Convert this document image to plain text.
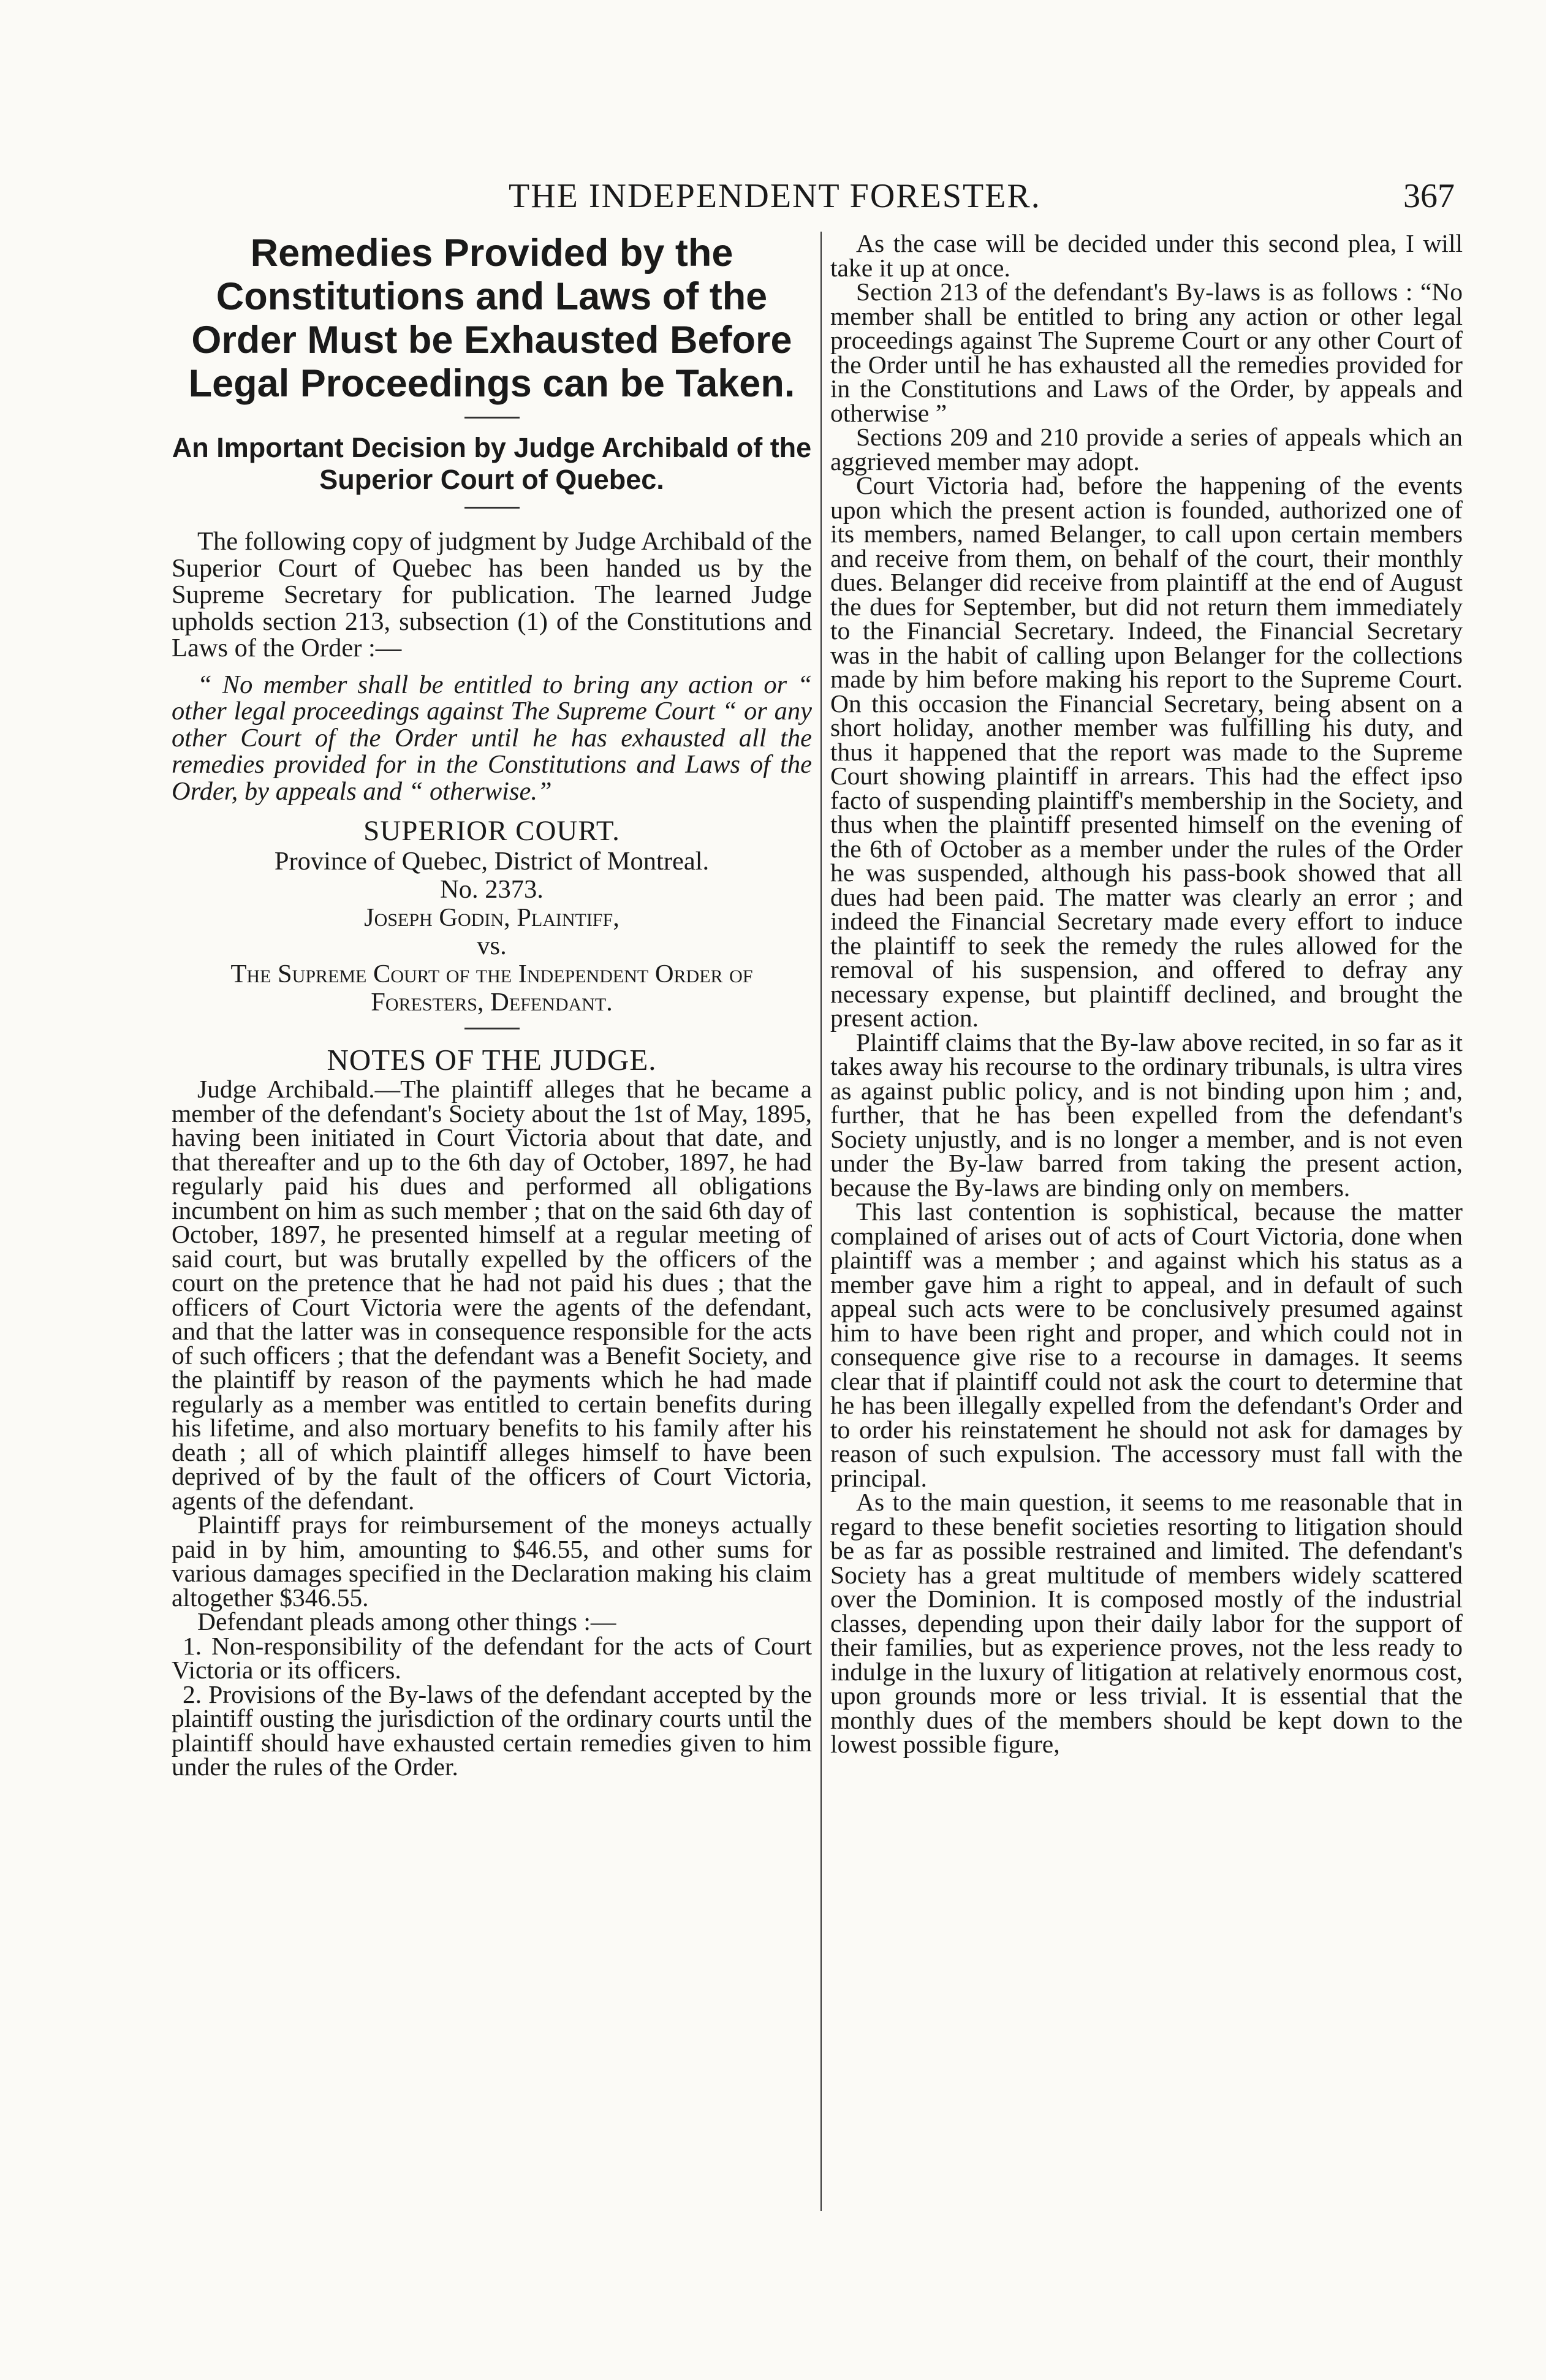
THE INDEPENDENT FORESTER.	367
Remedies Provided by the Constitutions and Laws of the Order Must be Exhausted Before Legal Proceedings can be Taken.
An Important Decision by Judge Archibald of the Superior Court of Quebec.

The following copy of judgment by Judge Archibald of the Superior Court of Quebec has been handed us by the Supreme Secretary for publication. The learned Judge upholds section 213, subsection (1) of the Constitutions and Laws of the Order :—

“ No member shall be entitled to bring any action or “ other legal proceedings against The Supreme Court “ or any other Court of the Order until he has exhausted all the remedies provided for in the Constitutions and Laws of the Order, by appeals and “ otherwise.”

SUPERIOR COURT.

Province of Quebec, District of Montreal.

No. 2373.

Joseph Godin, Plaintiff,

vs.

The Supreme Court of the Independent Order of Foresters, Defendant.

NOTES OF THE JUDGE.

Judge Archibald.—The plaintiff alleges that he became a member of the defendant's Society about the 1st of May, 1895, having been initiated in Court Victoria about that date, and that thereafter and up to the 6th day of October, 1897, he had regularly paid his dues and performed all obligations incumbent on him as such member ; that on the said 6th day of October, 1897, he presented himself at a regular meeting of said court, but was brutally expelled by the officers of the court on the pretence that he had not paid his dues ; that the officers of Court Victoria were the agents of the defendant, and that the latter was in consequence responsible for the acts of such officers ; that the defendant was a Benefit Society, and the plaintiff by reason of the payments which he had made regularly as a member was entitled to certain benefits during his lifetime, and also mortuary benefits to his family after his death ; all of which plaintiff alleges himself to have been deprived of by the fault of the officers of Court Victoria, agents of the defendant.

Plaintiff prays for reimbursement of the moneys actually paid in by him, amounting to $46.55, and other sums for various damages specified in the Declaration making his claim altogether $346.55.

Defendant pleads among other things :—

1. Non-responsibility of the defendant for the acts of Court Victoria or its officers.

2. Provisions of the By-laws of the defendant accepted by the plaintiff ousting the jurisdiction of the ordinary courts until the plaintiff should have exhausted certain remedies given to him under the rules of the Order.

As the case will be decided under this second plea, I will take it up at once.

Section 213 of the defendant's By-laws is as follows : “No member shall be entitled to bring any action or other legal proceedings against The Supreme Court or any other Court of the Order until he has exhausted all the remedies provided for in the Constitutions and Laws of the Order, by appeals and otherwise ”

Sections 209 and 210 provide a series of appeals which an aggrieved member may adopt.

Court Victoria had, before the happening of the events upon which the present action is founded, authorized one of its members, named Belanger, to call upon certain members and receive from them, on behalf of the court, their monthly dues. Belanger did receive from plaintiff at the end of August the dues for September, but did not return them immediately to the Financial Secretary. Indeed, the Financial Secretary was in the habit of calling upon Belanger for the collections made by him before making his report to the Supreme Court. On this occasion the Financial Secretary, being absent on a short holiday, another member was fulfilling his duty, and thus it happened that the report was made to the Supreme Court showing plaintiff in arrears. This had the effect ipso facto of suspending plaintiff's membership in the Society, and thus when the plaintiff presented himself on the evening of the 6th of October as a member under the rules of the Order he was suspended, although his pass-book showed that all dues had been paid. The matter was clearly an error ; and indeed the Financial Secretary made every effort to induce the plaintiff to seek the remedy the rules allowed for the removal of his suspension, and offered to defray any necessary expense, but plaintiff declined, and brought the present action.

Plaintiff claims that the By-law above recited, in so far as it takes away his recourse to the ordinary tribunals, is ultra vires as against public policy, and is not binding upon him ; and, further, that he has been expelled from the defendant's Society unjustly, and is no longer a member, and is not even under the By-law barred from taking the present action, because the By-laws are binding only on members.

This last contention is sophistical, because the matter complained of arises out of acts of Court Victoria, done when plaintiff was a member ; and against which his status as a member gave him a right to appeal, and in default of such appeal such acts were to be conclusively presumed against him to have been right and proper, and which could not in consequence give rise to a recourse in damages. It seems clear that if plaintiff could not ask the court to determine that he has been illegally expelled from the defendant's Order and to order his reinstatement he should not ask for damages by reason of such expulsion. The accessory must fall with the principal.

As to the main question, it seems to me reasonable that in regard to these benefit societies resorting to litigation should be as far as possible restrained and limited. The defendant's Society has a great multitude of members widely scattered over the Dominion. It is composed mostly of the industrial classes, depending upon their daily labor for the support of their families, but as experience proves, not the less ready to indulge in the luxury of litigation at relatively enormous cost, upon grounds more or less trivial. It is essential that the monthly dues of the members should be kept down to the lowest possible figure,
